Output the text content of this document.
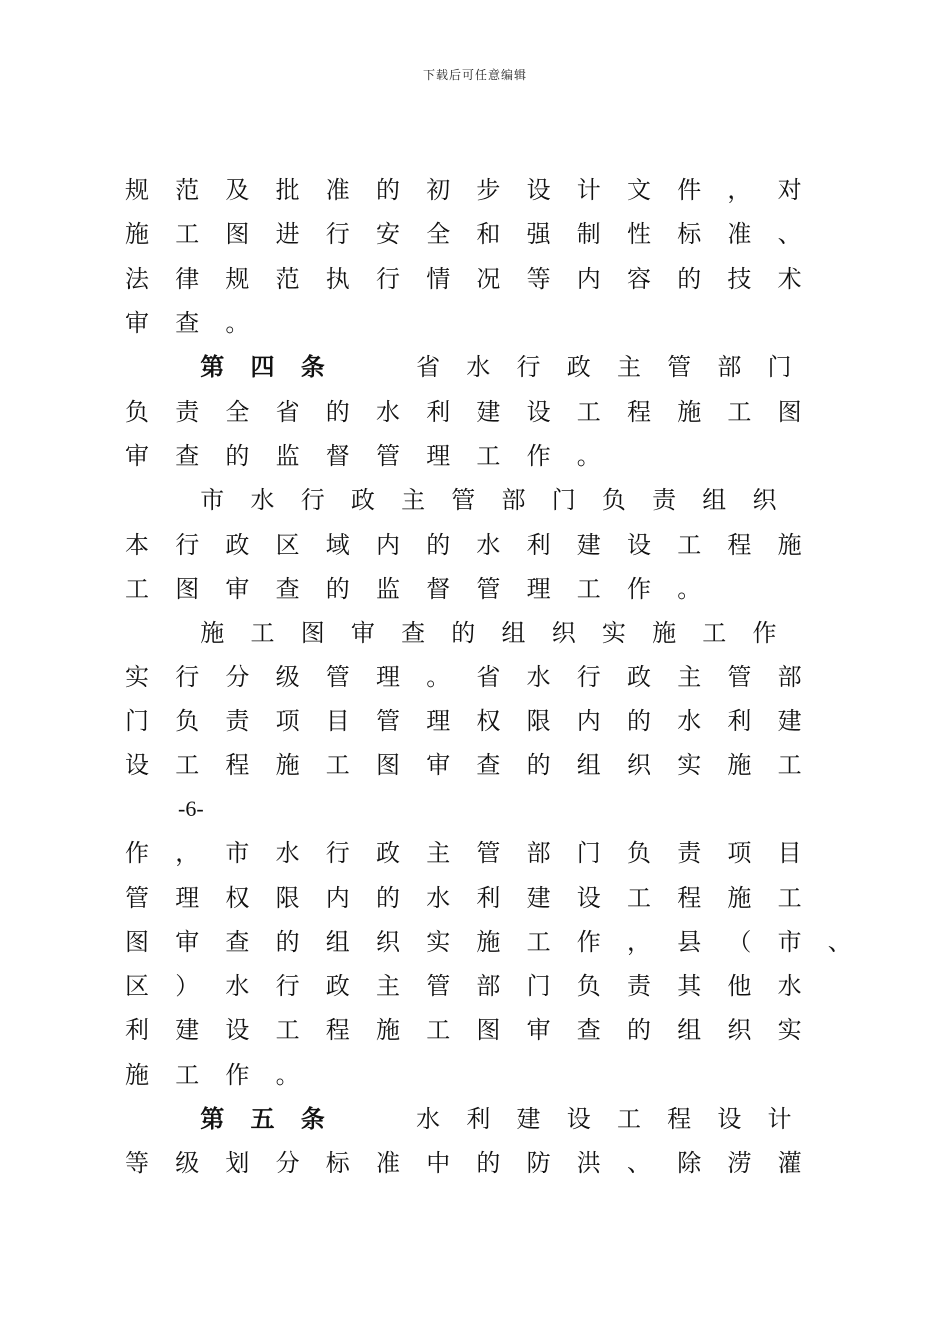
下载后可任意编辑
规 范 及 批 准 的 初 步 设 计 文 件 ， 对
施 工 图 进 行 安 全 和 强 制 性 标 准 、
法 律 规 范 执 行 情 况 等 内 容 的 技 术
审 查 。
第 四 条	省 水 行 政 主 管 部 门
负 责 全 省 的 水 利 建 设 工 程 施 工 图
审 查 的 监 督 管 理 工 作 。
市 水 行 政 主 管 部 门 负 责 组 织
本 行 政 区 域 内 的 水 利 建 设 工 程 施
工 图 审 查 的 监 督 管 理 工 作 。
施 工 图 审 查 的 组 织 实 施 工 作
实 行 分 级 管 理 。 省 水 行 政 主 管 部
门 负 责 项 目 管 理 权 限 内 的 水 利 建
设 工 程 施 工 图 审 查 的 组 织 实 施 工
作 ， 市 水 行 政 主 管 部 门 负 责 项 目
管 理 权 限 内 的 水 利 建 设 工 程 施 工
图 审 查 的 组 织 实 施 工 作 ， 县 （ 市 、
区 ） 水 行 政 主 管 部 门 负 责 其 他 水
利 建 设 工 程 施 工 图 审 查 的 组 织 实
施 工 作 。
第 五 条	水 利 建 设 工 程 设 计
等 级 划 分 标 准 中 的 防 洪 、 除 涝 灌
-6-
